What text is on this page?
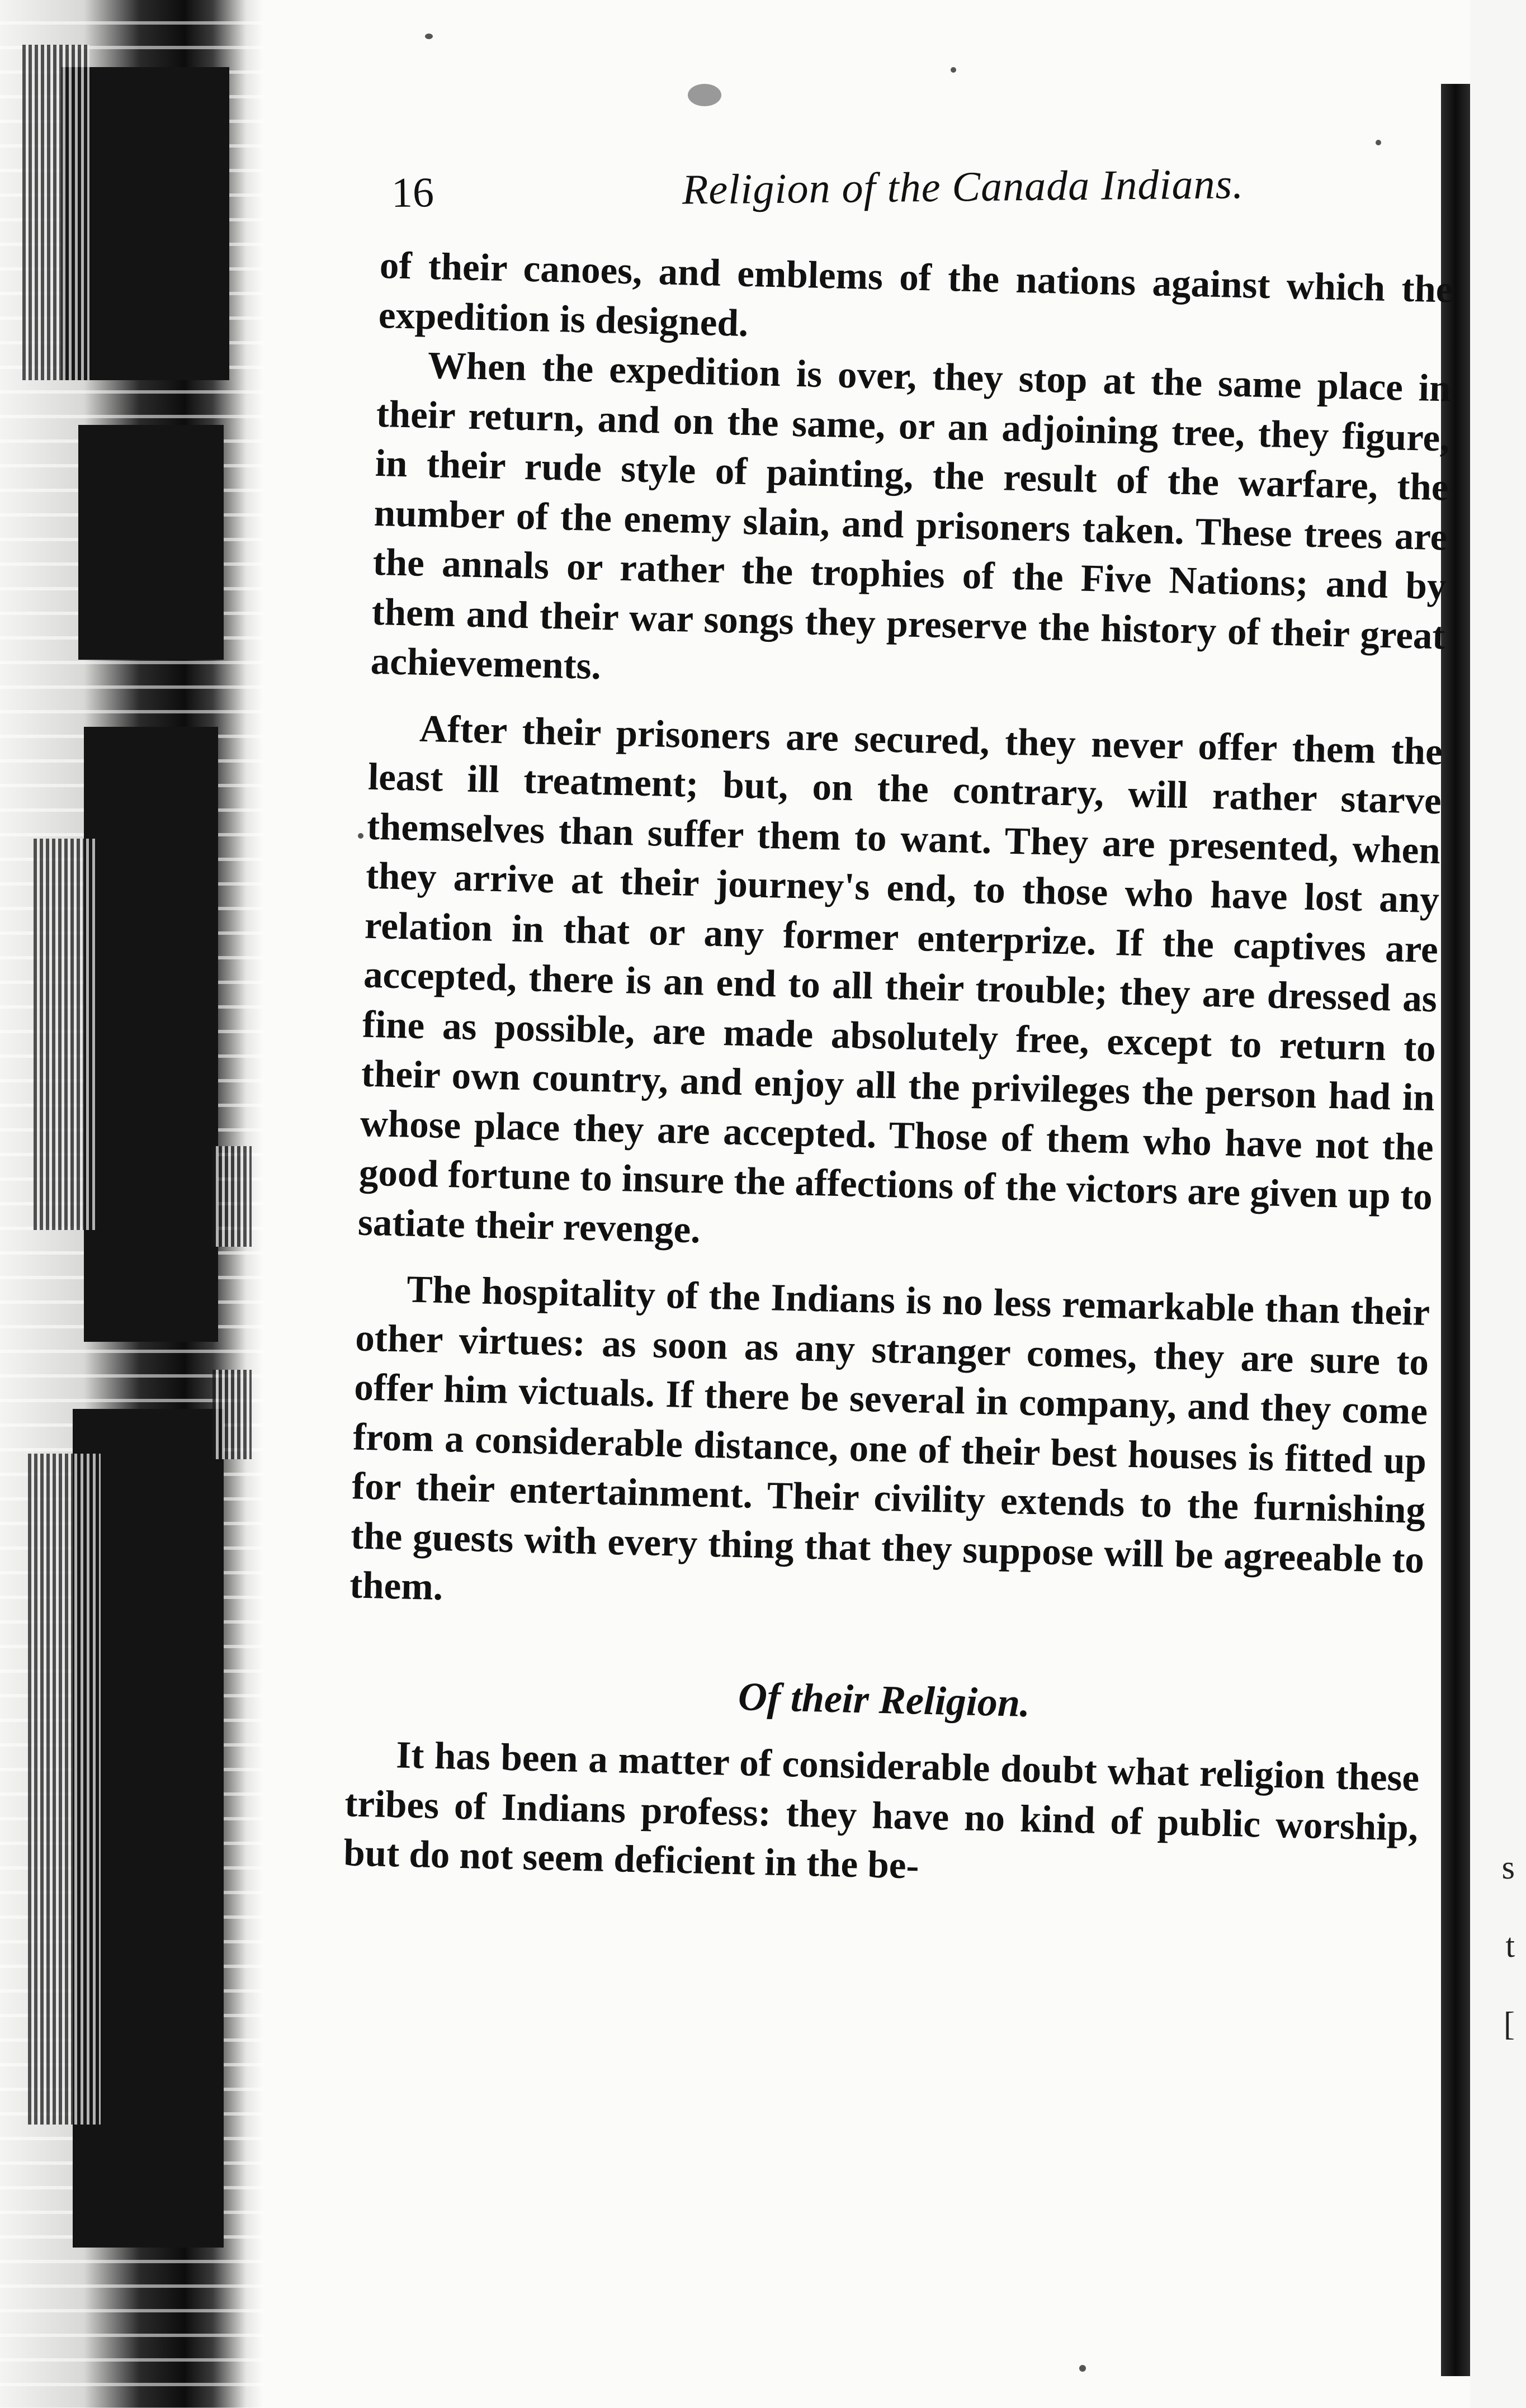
s
t
[
16	Religion of the Canada Indians.

of their canoes, and emblems of the nations against which the expedition is designed.

When the expedition is over, they stop at the same place in their return, and on the same, or an adjoining tree, they figure, in their rude style of painting, the result of the warfare, the number of the enemy slain, and prisoners taken. These trees are the annals or rather the trophies of the Five Nations; and by them and their war songs they preserve the history of their great achievements.

After their prisoners are secured, they never offer them the least ill treatment; but, on the contrary, will rather starve themselves than suffer them to want. They are presented, when they arrive at their journey's end, to those who have lost any relation in that or any former enterprize. If the captives are accepted, there is an end to all their trouble; they are dressed as fine as possible, are made absolutely free, except to return to their own country, and enjoy all the privileges the person had in whose place they are accepted. Those of them who have not the good fortune to insure the affections of the victors are given up to satiate their revenge.

The hospitality of the Indians is no less remarkable than their other virtues: as soon as any stranger comes, they are sure to offer him victuals. If there be several in company, and they come from a considerable distance, one of their best houses is fitted up for their entertainment. Their civility extends to the furnishing the guests with every thing that they suppose will be agreeable to them.

Of their Religion.

It has been a matter of considerable doubt what religion these tribes of Indians profess: they have no kind of public worship, but do not seem deficient in the be-
